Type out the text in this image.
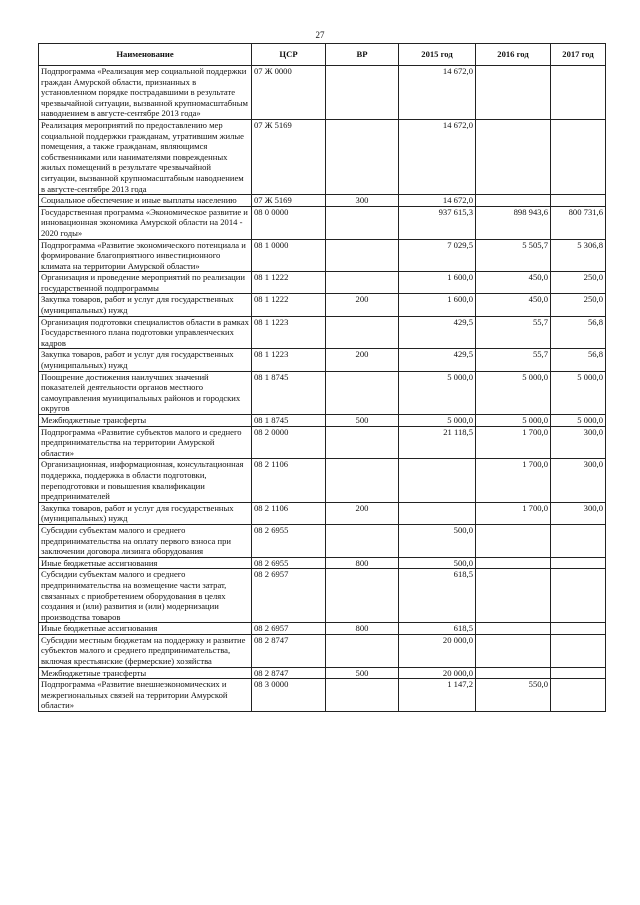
27
Наименование	ЦСР	ВР	2015 год	2016 год	2017 год
Подпрограмма «Реализация мер социальной поддержки граждан Амурской области, признанных в установленном порядке пострадавшими в результате чрезвычайной ситуации, вызванной крупномасштабным наводнением в августе-сентябре 2013 года»	07 Ж 0000		14 672,0		
Реализация мероприятий по предоставлению мер социальной поддержки гражданам, утратившим жилые помещения, а также гражданам, являющимся собственниками или нанимателями поврежденных жилых помещений в результате чрезвычайной ситуации, вызванной крупномасштабным наводнением в августе-сентябре 2013 года	07 Ж 5169		14 672,0		
Социальное обеспечение и иные выплаты населению	07 Ж 5169	300	14 672,0		
Государственная программа «Экономическое развитие и инновационная экономика Амурской области на 2014 - 2020 годы»	08 0 0000		937 615,3	898 943,6	800 731,6
Подпрограмма «Развитие экономического потенциала и формирование благоприятного инвестиционного климата на территории Амурской области»	08 1 0000		7 029,5	5 505,7	5 306,8
Организация и проведение мероприятий по реализации государственной подпрограммы	08 1 1222		1 600,0	450,0	250,0
Закупка товаров, работ и услуг для государственных (муниципальных) нужд	08 1 1222	200	1 600,0	450,0	250,0
Организация подготовки специалистов области в рамках Государственного плана подготовки управленческих кадров	08 1 1223		429,5	55,7	56,8
Закупка товаров, работ и услуг для государственных (муниципальных) нужд	08 1 1223	200	429,5	55,7	56,8
Поощрение достижения наилучших значений показателей деятельности органов местного самоуправления муниципальных районов и городских округов	08 1 8745		5 000,0	5 000,0	5 000,0
Межбюджетные трансферты	08 1 8745	500	5 000,0	5 000,0	5 000,0
Подпрограмма «Развитие субъектов малого и среднего предпринимательства на территории Амурской области»	08 2 0000		21 118,5	1 700,0	300,0
Организационная, информационная, консультационная поддержка, поддержка в области подготовки, переподготовки и повышения квалификации предпринимателей	08 2 1106			1 700,0	300,0
Закупка товаров, работ и услуг для государственных (муниципальных) нужд	08 2 1106	200		1 700,0	300,0
Субсидии субъектам малого и среднего предпринимательства на оплату первого взноса при заключении договора лизинга оборудования	08 2 6955		500,0		
Иные бюджетные ассигнования	08 2 6955	800	500,0		
Субсидии субъектам малого и среднего предпринимательства на возмещение части затрат, связанных с приобретением оборудования в целях создания и (или) развития и (или) модернизации производства товаров	08 2 6957		618,5		
Иные бюджетные ассигнования	08 2 6957	800	618,5		
Субсидии местным бюджетам на поддержку и развитие субъектов малого и среднего предпринимательства, включая крестьянские (фермерские) хозяйства	08 2 8747		20 000,0		
Межбюджетные трансферты	08 2 8747	500	20 000,0		
Подпрограмма «Развитие внешнеэкономических и межрегиональных связей на территории Амурской области»	08 3 0000		1 147,2	550,0	
